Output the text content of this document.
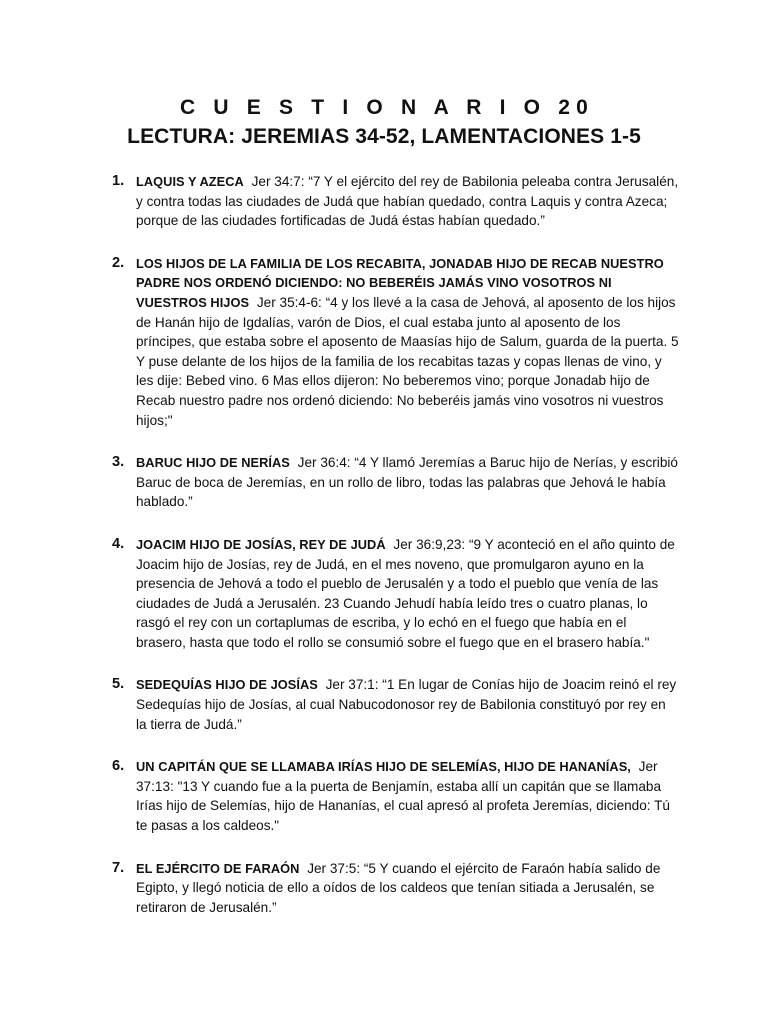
C U E S T I O N A R I O 20
LECTURA: JEREMIAS 34-52, LAMENTACIONES 1-5
1. LAQUIS Y AZECA Jer 34:7: “7 Y el ejército del rey de Babilonia peleaba contra Jerusalén, y contra todas las ciudades de Judá que habían quedado, contra Laquis y contra Azeca; porque de las ciudades fortificadas de Judá éstas habían quedado.”
2. LOS HIJOS DE LA FAMILIA DE LOS RECABITA, JONADAB HIJO DE RECAB NUESTRO PADRE NOS ORDENÓ DICIENDO: NO BEBERÉIS JAMÁS VINO VOSOTROS NI VUESTROS HIJOS Jer 35:4-6: “4 y los llevé a la casa de Jehová, al aposento de los hijos de Hanán hijo de Igdalías, varón de Dios, el cual estaba junto al aposento de los príncipes, que estaba sobre el aposento de Maasías hijo de Salum, guarda de la puerta. 5 Y puse delante de los hijos de la familia de los recabitas tazas y copas llenas de vino, y les dije: Bebed vino. 6 Mas ellos dijeron: No beberemos vino; porque Jonadab hijo de Recab nuestro padre nos ordenó diciendo: No beberéis jamás vino vosotros ni vuestros hijos;"
3. BARUC HIJO DE NERÍAS Jer 36:4: “4 Y llamó Jeremías a Baruc hijo de Nerías, y escribió Baruc de boca de Jeremías, en un rollo de libro, todas las palabras que Jehová le había hablado.”
4. JOACIM HIJO DE JOSÍAS, REY DE JUDÁ Jer 36:9,23: “9 Y aconteció en el año quinto de Joacim hijo de Josías, rey de Judá, en el mes noveno, que promulgaron ayuno en la presencia de Jehová a todo el pueblo de Jerusalén y a todo el pueblo que venía de las ciudades de Judá a Jerusalén. 23 Cuando Jehudí había leído tres o cuatro planas, lo rasgó el rey con un cortaplumas de escriba, y lo echó en el fuego que había en el brasero, hasta que todo el rollo se consumió sobre el fuego que en el brasero había."
5. SEDEQUÍAS HIJO DE JOSÍAS Jer 37:1: “1 En lugar de Conías hijo de Joacim reinó el rey Sedequías hijo de Josías, al cual Nabucodonosor rey de Babilonia constituyó por rey en la tierra de Judá.”
6. UN CAPITÁN QUE SE LLAMABA IRÍAS HIJO DE SELEMÍAS, HIJO DE HANANÍAS, Jer 37:13: "13 Y cuando fue a la puerta de Benjamín, estaba allí un capitán que se llamaba Irías hijo de Selemías, hijo de Hananías, el cual apresó al profeta Jeremías, diciendo: Tú te pasas a los caldeos."
7. EL EJÉRCITO DE FARAÓN Jer 37:5: “5 Y cuando el ejército de Faraón había salido de Egipto, y llegó noticia de ello a oídos de los caldeos que tenían sitiada a Jerusalén, se retiraron de Jerusalén.”
